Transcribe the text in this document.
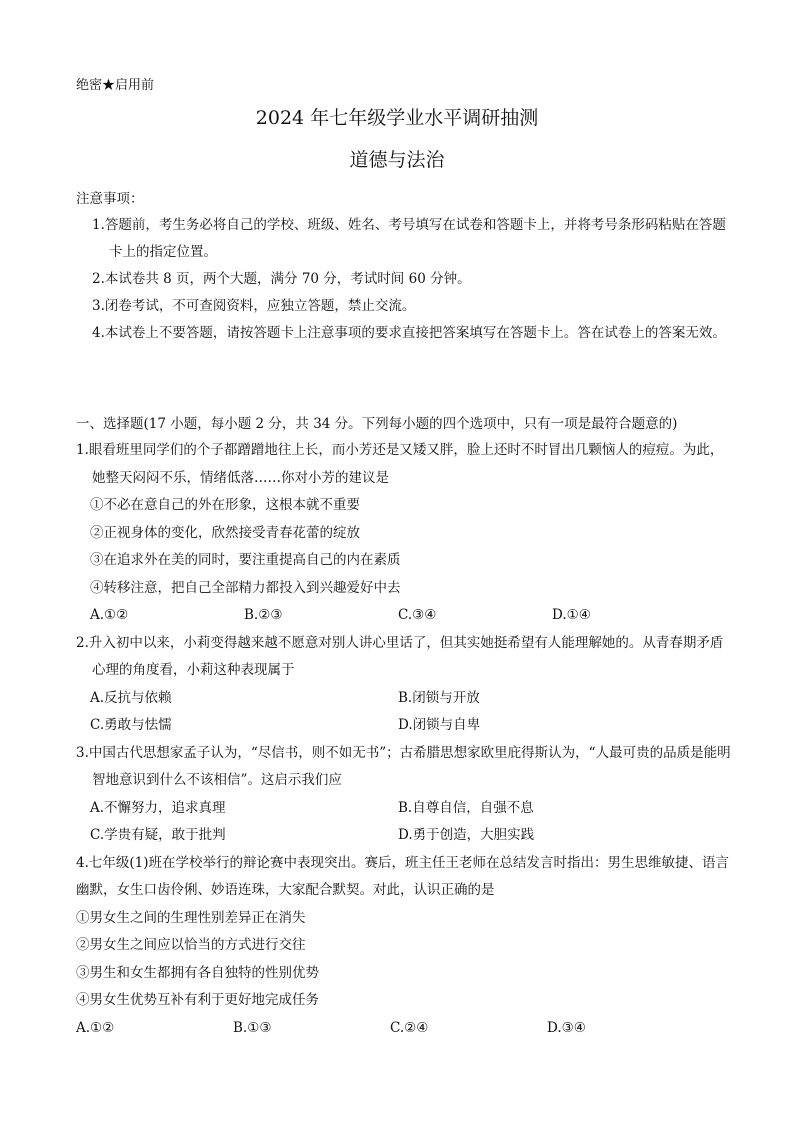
绝密★启用前
2024 年七年级学业水平调研抽测
道德与法治
注意事项：
1.答题前，考生务必将自己的学校、班级、姓名、考号填写在试卷和答题卡上，并将考号条形码粘贴在答题卡上的指定位置。
2.本试卷共 8 页，两个大题，满分 70 分，考试时间 60 分钟。
3.闭卷考试，不可查阅资料，应独立答题，禁止交流。
4.本试卷上不要答题，请按答题卡上注意事项的要求直接把答案填写在答题卡上。答在试卷上的答案无效。
一、选择题(17 小题，每小题 2 分，共 34 分。下列每小题的四个选项中，只有一项是最符合题意的)
1.眼看班里同学们的个子都蹭蹭地往上长，而小芳还是又矮又胖，脸上还时不时冒出几颗恼人的痘痘。为此，她整天闷闷不乐，情绪低落……你对小芳的建议是
①不必在意自己的外在形象，这根本就不重要
②正视身体的变化，欣然接受青春花蕾的绽放
③在追求外在美的同时，要注重提高自己的内在素质
④转移注意，把自己全部精力都投入到兴趣爱好中去
A.①②	B.②③	C.③④	D.①④
2.升入初中以来，小莉变得越来越不愿意对别人讲心里话了，但其实她挺希望有人能理解她的。从青春期矛盾心理的角度看，小莉这种表现属于
A.反抗与依赖	B.闭锁与开放
C.勇敢与怯懦	D.闭锁与自卑
3.中国古代思想家孟子认为，“尽信书，则不如无书”；古希腊思想家欧里庇得斯认为，“人最可贵的品质是能明智地意识到什么不该相信”。这启示我们应
A.不懈努力，追求真理	B.自尊自信，自强不息
C.学贵有疑，敢于批判	D.勇于创造，大胆实践
4.七年级(1)班在学校举行的辩论赛中表现突出。赛后，班主任王老师在总结发言时指出：男生思维敏捷、语言幽默，女生口齿伶俐、妙语连珠，大家配合默契。对此，认识正确的是
①男女生之间的生理性别差异正在消失
②男女生之间应以恰当的方式进行交往
③男生和女生都拥有各自独特的性别优势
④男女生优势互补有利于更好地完成任务
A.①②	B.①③	C.②④	D.③④
